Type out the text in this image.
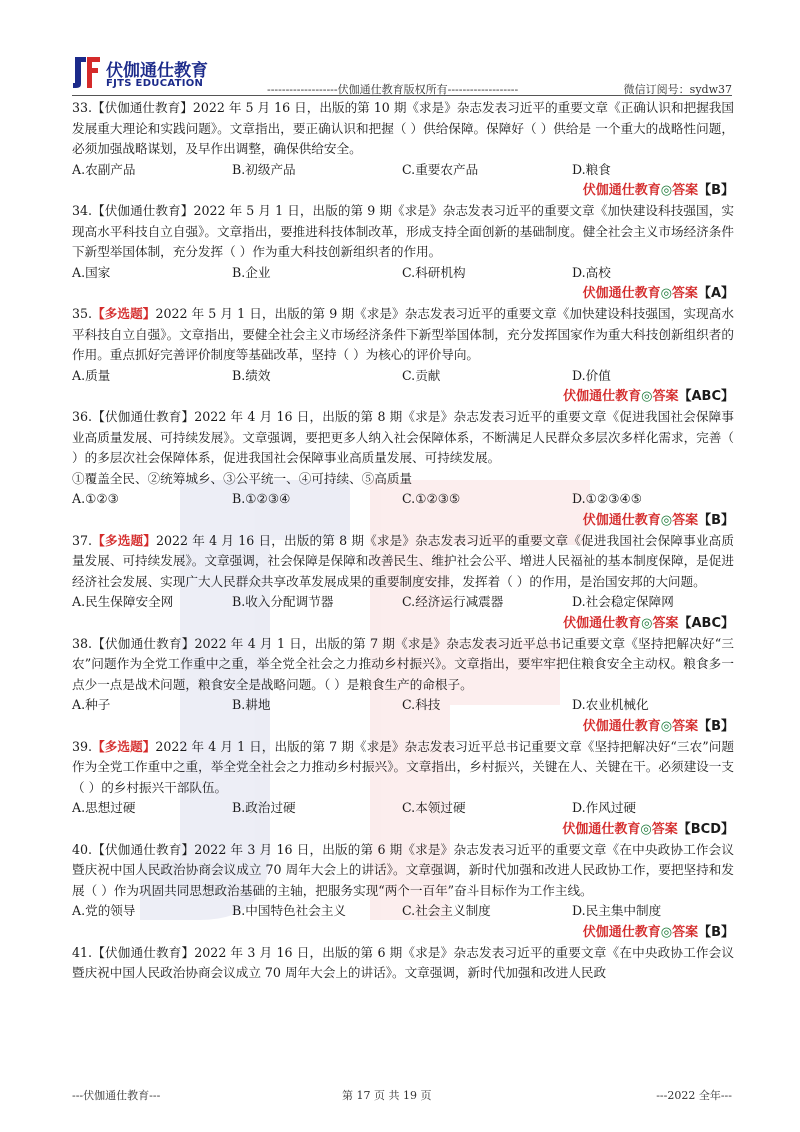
伏伽通仕教育
FJTS EDUCATION	-------------------伏伽通仕教育版权所有-------------------	微信订阅号：sydw37

33.【伏伽通仕教育】2022 年 5 月 16 日，出版的第 10 期《求是》杂志发表习近平的重要文章《正确认识和把握我国发展重大理论和实践问题》。文章指出，要正确认识和把握（ ）供给保障。保障好（ ）供给是 一个重大的战略性问题，必须加强战略谋划，及早作出调整，确保供给安全。

A.农副产品	B.初级产品	C.重要农产品	D.粮食
伏伽通仕教育◎答案【B】

34.【伏伽通仕教育】2022 年 5 月 1 日，出版的第 9 期《求是》杂志发表习近平的重要文章《加快建设科技强国，实现高水平科技自立自强》。文章指出，要推进科技体制改革，形成支持全面创新的基础制度。健全社会主义市场经济条件下新型举国体制，充分发挥（ ）作为重大科技创新组织者的作用。

A.国家	B.企业	C.科研机构	D.高校
伏伽通仕教育◎答案【A】

35.【多选题】2022 年 5 月 1 日，出版的第 9 期《求是》杂志发表习近平的重要文章《加快建设科技强国，实现高水平科技自立自强》。文章指出，要健全社会主义市场经济条件下新型举国体制，充分发挥国家作为重大科技创新组织者的作用。重点抓好完善评价制度等基础改革，坚持（ ）为核心的评价导向。

A.质量	B.绩效	C.贡献	D.价值
伏伽通仕教育◎答案【ABC】

36.【伏伽通仕教育】2022 年 4 月 16 日，出版的第 8 期《求是》杂志发表习近平的重要文章《促进我国社会保障事业高质量发展、可持续发展》。文章强调，要把更多人纳入社会保障体系，不断满足人民群众多层次多样化需求，完善（ ）的多层次社会保障体系，促进我国社会保障事业高质量发展、可持续发展。

①覆盖全民、②统筹城乡、③公平统一、④可持续、⑤高质量

A.①②③	B.①②③④	C.①②③⑤	D.①②③④⑤
伏伽通仕教育◎答案【B】

37.【多选题】2022 年 4 月 16 日，出版的第 8 期《求是》杂志发表习近平的重要文章《促进我国社会保障事业高质量发展、可持续发展》。文章强调，社会保障是保障和改善民生、维护社会公平、增进人民福祉的基本制度保障，是促进经济社会发展、实现广大人民群众共享改革发展成果的重要制度安排，发挥着（ ）的作用，是治国安邦的大问题。

A.民生保障安全网	B.收入分配调节器	C.经济运行减震器	D.社会稳定保障网
伏伽通仕教育◎答案【ABC】

38.【伏伽通仕教育】2022 年 4 月 1 日，出版的第 7 期《求是》杂志发表习近平总书记重要文章《坚持把解决好“三农”问题作为全党工作重中之重，举全党全社会之力推动乡村振兴》。文章指出，要牢牢把住粮食安全主动权。粮食多一点少一点是战术问题，粮食安全是战略问题。（ ）是粮食生产的命根子。

A.种子	B.耕地	C.科技	D.农业机械化
伏伽通仕教育◎答案【B】

39.【多选题】2022 年 4 月 1 日，出版的第 7 期《求是》杂志发表习近平总书记重要文章《坚持把解决好“三农”问题作为全党工作重中之重，举全党全社会之力推动乡村振兴》。文章指出，乡村振兴，关键在人、关键在干。必须建设一支（ ）的乡村振兴干部队伍。

A.思想过硬	B.政治过硬	C.本领过硬	D.作风过硬
伏伽通仕教育◎答案【BCD】

40.【伏伽通仕教育】2022 年 3 月 16 日，出版的第 6 期《求是》杂志发表习近平的重要文章《在中央政协工作会议暨庆祝中国人民政治协商会议成立 70 周年大会上的讲话》。文章强调，新时代加强和改进人民政协工作，要把坚持和发展（ ）作为巩固共同思想政治基础的主轴，把服务实现“两个一百年”奋斗目标作为工作主线。

A.党的领导	B.中国特色社会主义	C.社会主义制度	D.民主集中制度
伏伽通仕教育◎答案【B】

41.【伏伽通仕教育】2022 年 3 月 16 日，出版的第 6 期《求是》杂志发表习近平的重要文章《在中央政协工作会议暨庆祝中国人民政治协商会议成立 70 周年大会上的讲话》。文章强调，新时代加强和改进人民政

---伏伽通仕教育---	第 17 页 共 19 页	---2022 全年---
